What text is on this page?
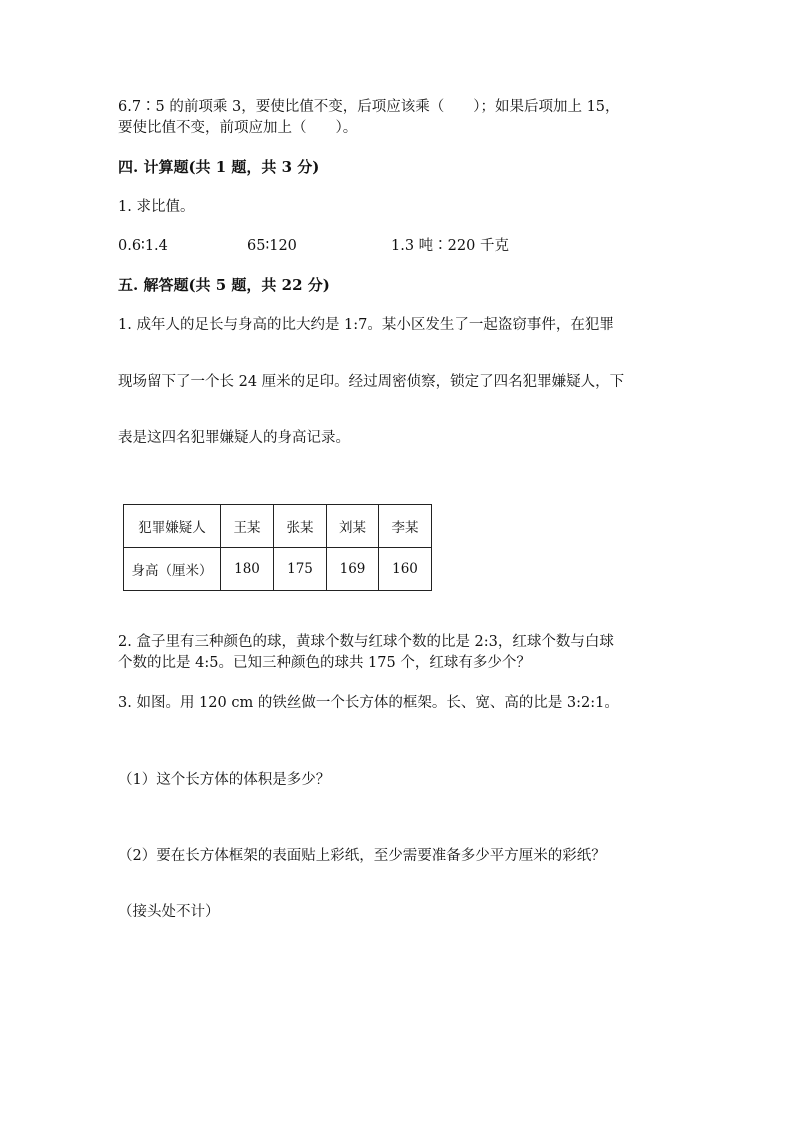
6.7∶5 的前项乘 3，要使比值不变，后项应该乘（　　）；如果后项加上 15，
要使比值不变，前项应加上（　　）。
四. 计算题(共 1 题，共 3 分)
1. 求比值。
0.6∶1.4	65∶120	1.3 吨∶220 千克
五. 解答题(共 5 题，共 22 分)
1. 成年人的足长与身高的比大约是 1:7。某小区发生了一起盗窃事件，在犯罪
现场留下了一个长 24 厘米的足印。经过周密侦察，锁定了四名犯罪嫌疑人，下
表是这四名犯罪嫌疑人的身高记录。
犯罪嫌疑人	王某	张某	刘某	李某
身高（厘米）	180	175	169	160
2. 盒子里有三种颜色的球，黄球个数与红球个数的比是 2:3，红球个数与白球
个数的比是 4:5。已知三种颜色的球共 175 个，红球有多少个？
3. 如图。用 120 cm 的铁丝做一个长方体的框架。长、宽、高的比是 3:2:1。
（1）这个长方体的体积是多少？
（2）要在长方体框架的表面贴上彩纸，至少需要准备多少平方厘米的彩纸？
（接头处不计）
